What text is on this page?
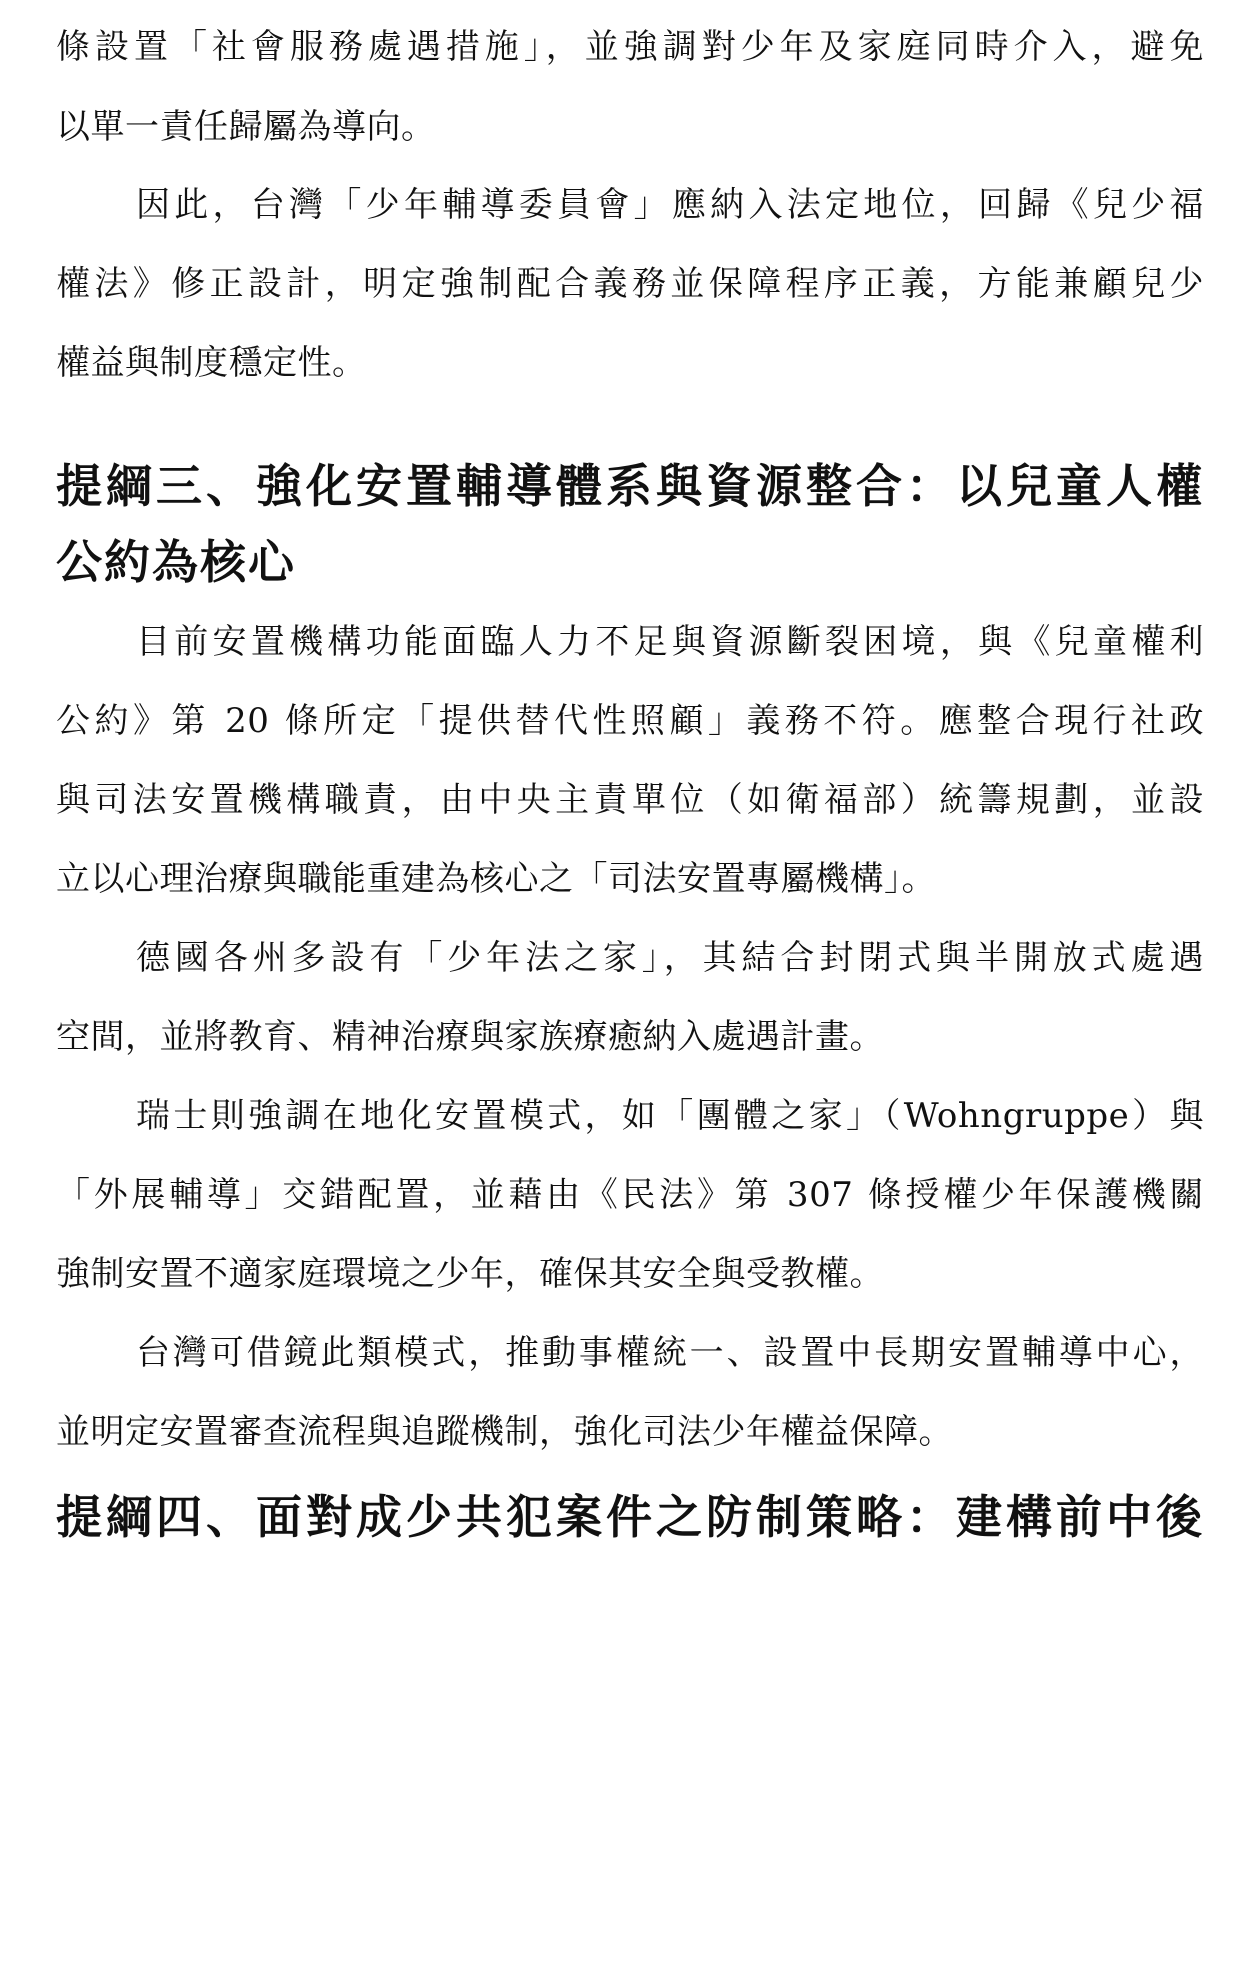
條設置「社會服務處遇措施」，並強調對少年及家庭同時介入，避免
以單一責任歸屬為導向。
因此，台灣「少年輔導委員會」應納入法定地位，回歸《兒少福
權法》修正設計，明定強制配合義務並保障程序正義，方能兼顧兒少
權益與制度穩定性。
提綱三、強化安置輔導體系與資源整合：以兒童人權
公約為核心
目前安置機構功能面臨人力不足與資源斷裂困境，與《兒童權利
公約》第 20 條所定「提供替代性照顧」義務不符。應整合現行社政
與司法安置機構職責，由中央主責單位（如衛福部）統籌規劃，並設
立以心理治療與職能重建為核心之「司法安置專屬機構」。
德國各州多設有「少年法之家」，其結合封閉式與半開放式處遇
空間，並將教育、精神治療與家族療癒納入處遇計畫。
瑞士則強調在地化安置模式，如「團體之家」（Wohngruppe）與
「外展輔導」交錯配置，並藉由《民法》第 307 條授權少年保護機關
強制安置不適家庭環境之少年，確保其安全與受教權。
台灣可借鏡此類模式，推動事權統一、設置中長期安置輔導中心，
並明定安置審查流程與追蹤機制，強化司法少年權益保障。
提綱四、面對成少共犯案件之防制策略：建構前中後
